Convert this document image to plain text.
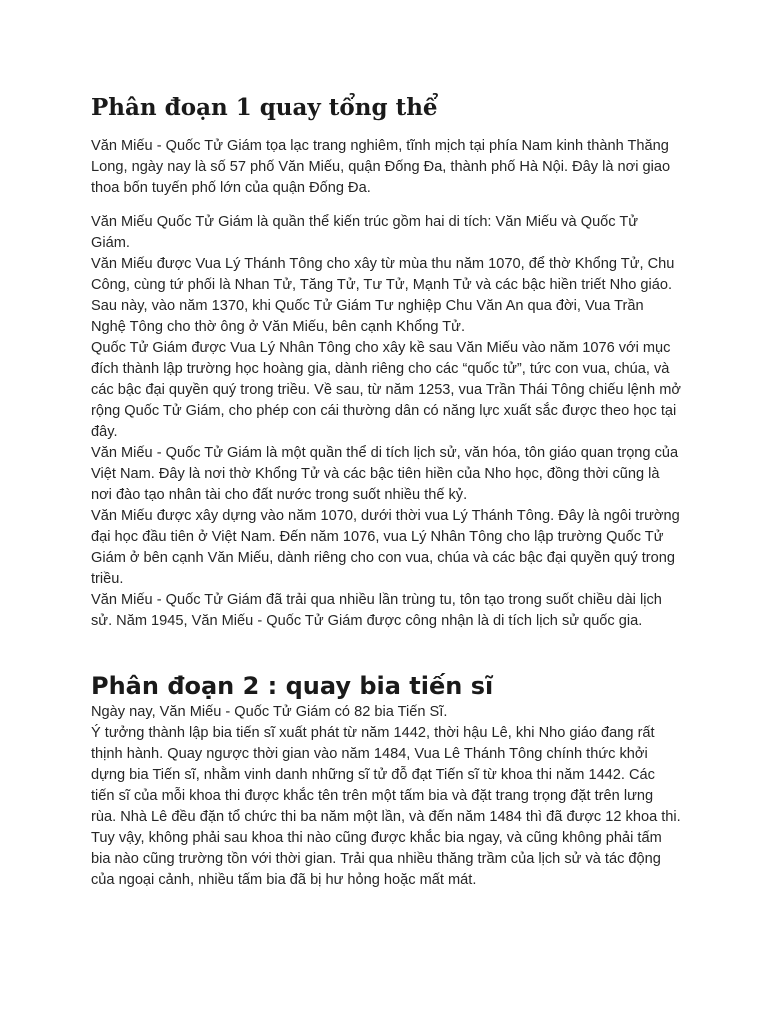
Phân đoạn 1 quay tổng thể

Văn Miếu - Quốc Tử Giám tọa lạc trang nghiêm, tĩnh mịch tại phía Nam kinh thành Thăng Long, ngày nay là số 57 phố Văn Miếu, quận Đống Đa, thành phố Hà Nội. Đây là nơi giao thoa bốn tuyến phố lớn của quận Đống Đa.

Văn Miếu Quốc Tử Giám là quần thể kiến trúc gồm hai di tích: Văn Miếu và Quốc Tử Giám.

Văn Miếu được Vua Lý Thánh Tông cho xây từ mùa thu năm 1070, để thờ Khổng Tử, Chu Công, cùng tứ phối là Nhan Tử, Tăng Tử, Tư Tử, Mạnh Tử và các bậc hiền triết Nho giáo. Sau này, vào năm 1370, khi Quốc Tử Giám Tư nghiệp Chu Văn An qua đời, Vua Trần Nghệ Tông cho thờ ông ở Văn Miếu, bên cạnh Khổng Tử.

Quốc Tử Giám được Vua Lý Nhân Tông cho xây kề sau Văn Miếu vào năm 1076 với mục đích thành lập trường học hoàng gia, dành riêng cho các “quốc tử”, tức con vua, chúa, và các bậc đại quyền quý trong triều. Về sau, từ năm 1253, vua Trần Thái Tông chiếu lệnh mở rộng Quốc Tử Giám, cho phép con cái thường dân có năng lực xuất sắc được theo học tại đây.

Văn Miếu - Quốc Tử Giám là một quần thể di tích lịch sử, văn hóa, tôn giáo quan trọng của Việt Nam. Đây là nơi thờ Khổng Tử và các bậc tiên hiền của Nho học, đồng thời cũng là nơi đào tạo nhân tài cho đất nước trong suốt nhiều thế kỷ.

Văn Miếu được xây dựng vào năm 1070, dưới thời vua Lý Thánh Tông. Đây là ngôi trường đại học đầu tiên ở Việt Nam. Đến năm 1076, vua Lý Nhân Tông cho lập trường Quốc Tử Giám ở bên cạnh Văn Miếu, dành riêng cho con vua, chúa và các bậc đại quyền quý trong triều.

Văn Miếu - Quốc Tử Giám đã trải qua nhiều lần trùng tu, tôn tạo trong suốt chiều dài lịch sử. Năm 1945, Văn Miếu - Quốc Tử Giám được công nhận là di tích lịch sử quốc gia.

Phân đoạn 2 : quay bia tiến sĩ

Ngày nay, Văn Miếu - Quốc Tử Giám có 82 bia Tiến Sĩ.

Ý tưởng thành lập bia tiến sĩ xuất phát từ năm 1442, thời hậu Lê, khi Nho giáo đang rất thịnh hành. Quay ngược thời gian vào năm 1484, Vua Lê Thánh Tông chính thức khởi dựng bia Tiến sĩ, nhằm vinh danh những sĩ tử đỗ đạt Tiến sĩ từ khoa thi năm 1442. Các tiến sĩ của mỗi khoa thi được khắc tên trên một tấm bia và đặt trang trọng đặt trên lưng rùa. Nhà Lê đều đặn tổ chức thi ba năm một lần, và đến năm 1484 thì đã được 12 khoa thi.

Tuy vậy, không phải sau khoa thi nào cũng được khắc bia ngay, và cũng không phải tấm bia nào cũng trường tồn với thời gian. Trải qua nhiều thăng trầm của lịch sử và tác động của ngoại cảnh, nhiều tấm bia đã bị hư hỏng hoặc mất mát.
